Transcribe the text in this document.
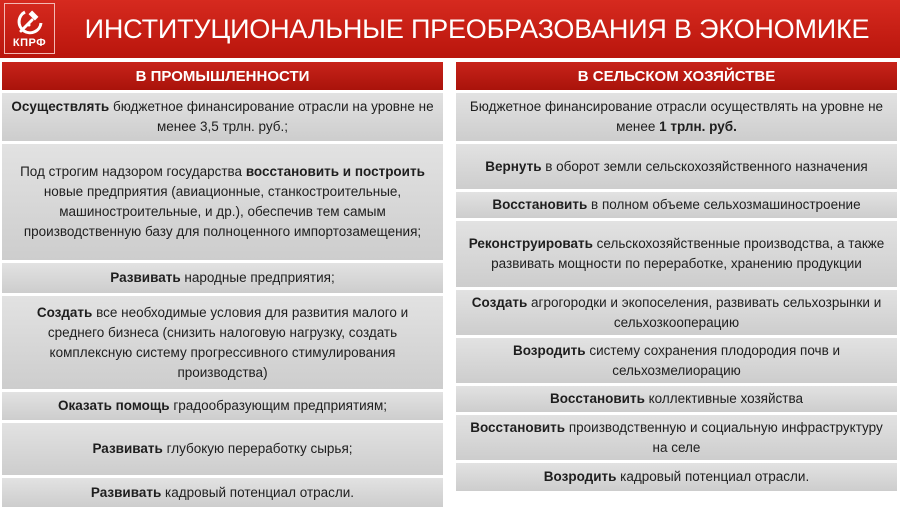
КПРФ	ИНСТИТУЦИОНАЛЬНЫЕ ПРЕОБРАЗОВАНИЯ В ЭКОНОМИКЕ
В ПРОМЫШЛЕННОСТИ
Осуществлять бюджетное финансирование отрасли на уровне не менее 3,5 трлн. руб.;
Под строгим надзором государства восстановить и построить новые предприятия (авиационные, станкостроительные, машиностроительные, и др.), обеспечив тем самым производственную базу для полноценного импортозамещения;
Развивать народные предприятия;
Создать все необходимые условия для развития малого и среднего бизнеса (снизить налоговую нагрузку, создать комплексную систему прогрессивного стимулирования производства)
Оказать помощь градообразующим предприятиям;
Развивать глубокую переработку сырья;
Развивать кадровый потенциал отрасли.
В СЕЛЬСКОМ ХОЗЯЙСТВЕ
Бюджетное финансирование отрасли осуществлять на уровне не менее 1 трлн. руб.
Вернуть в оборот земли сельскохозяйственного назначения
Восстановить в полном объеме сельхозмашиностроение
Реконструировать сельскохозяйственные производства, а также развивать мощности по переработке, хранению продукции
Создать агрогородки и экопоселения, развивать сельхозрынки и сельхозкооперацию
Возродить систему сохранения плодородия почв и сельхозмелиорацию
Восстановить коллективные хозяйства
Восстановить производственную и социальную инфраструктуру на селе
Возродить кадровый потенциал отрасли.
